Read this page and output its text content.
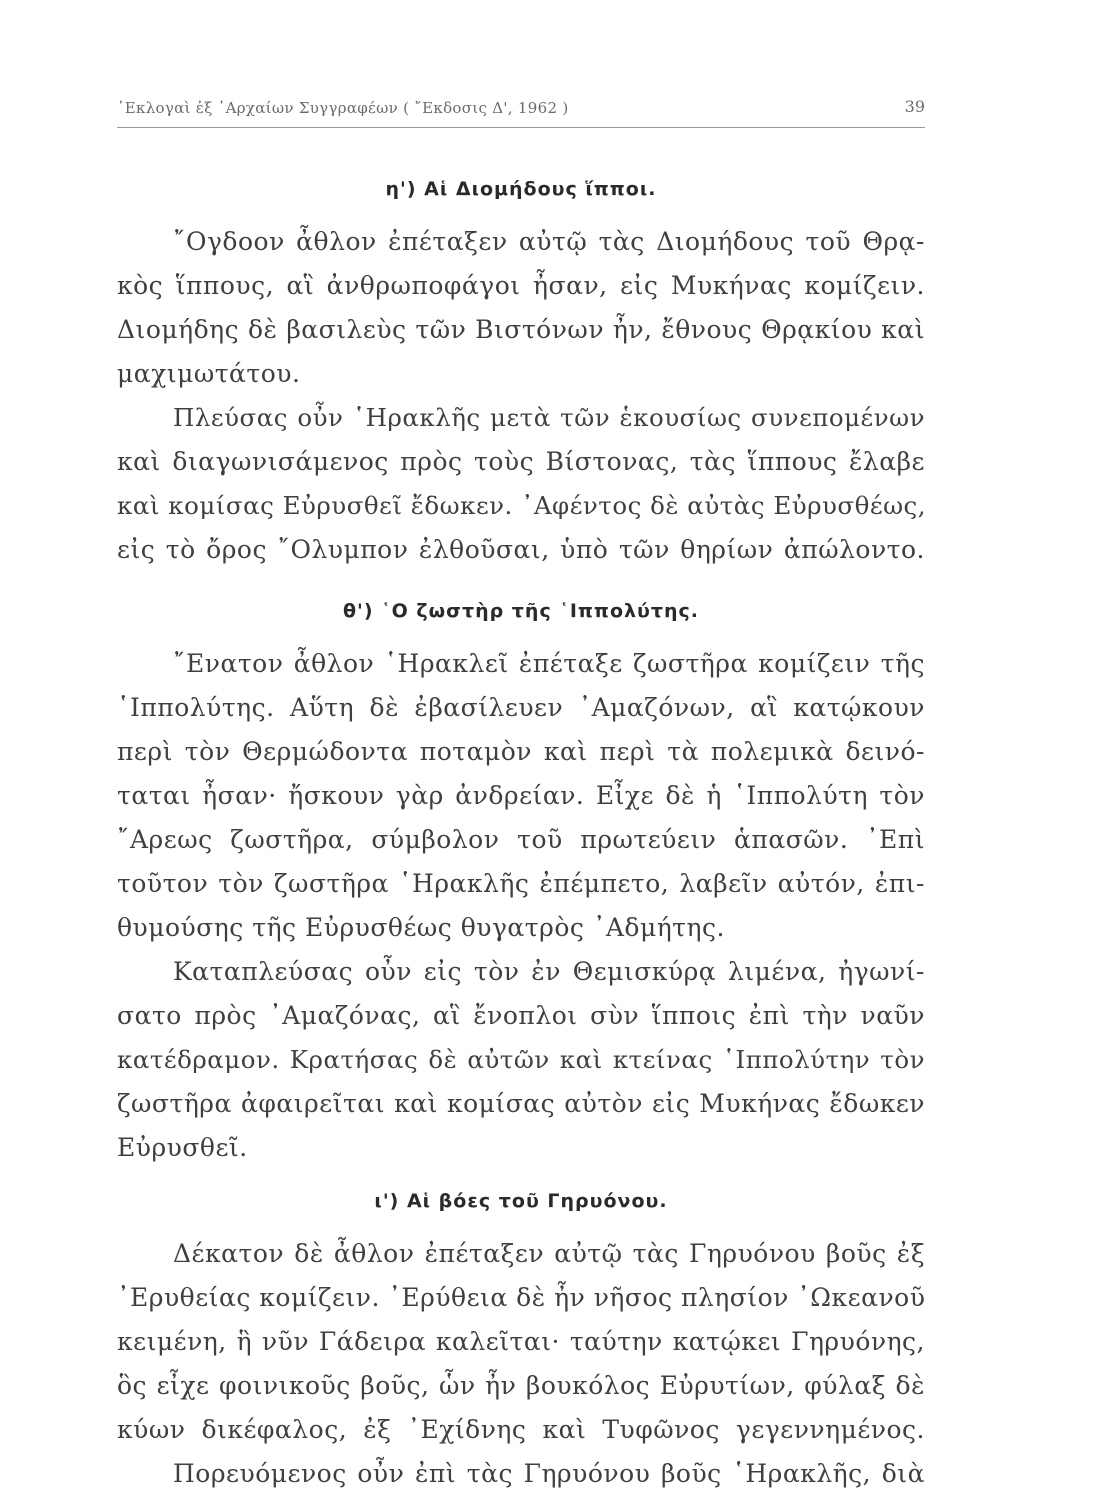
᾿Εκλογαὶ ἐξ ᾿Αρχαίων Συγγραφέων ( ῎Εκδοσις Δ', 1962 )	39
η') Αἱ Διομήδους ἵπποι.

῎Ογδοον ἆθλον ἐπέταξεν αὐτῷ τὰς Διομήδους τοῦ Θρᾳ-
κὸς ἵππους, αἳ ἀνθρωποφάγοι ἦσαν, εἰς Μυκήνας κομίζειν.
Διομήδης δὲ βασιλεὺς τῶν Βιστόνων ἦν, ἔθνους Θρᾳκίου καὶ
μαχιμωτάτου.

Πλεύσας οὖν ῾Ηρακλῆς μετὰ τῶν ἑκουσίως συνεπομένων
καὶ διαγωνισάμενος πρὸς τοὺς Βίστονας, τὰς ἵππους ἔλαβε
καὶ κομίσας Εὐρυσθεῖ ἔδωκεν. ᾿Αφέντος δὲ αὐτὰς Εὐρυσθέως,
εἰς τὸ ὄρος ῎Ολυμπον ἐλθοῦσαι, ὑπὸ τῶν θηρίων ἀπώλοντο.

θ') ῾Ο ζωστὴρ τῆς ῾Ιππολύτης.

῎Ενατον ἆθλον ῾Ηρακλεῖ ἐπέταξε ζωστῆρα κομίζειν τῆς
῾Ιππολύτης. Αὕτη δὲ ἐβασίλευεν ᾿Αμαζόνων, αἳ κατῴκουν
περὶ τὸν Θερμώδοντα ποταμὸν καὶ περὶ τὰ πολεμικὰ δεινό-
ταται ἦσαν· ἤσκουν γὰρ ἀνδρείαν. Εἶχε δὲ ἡ ῾Ιππολύτη τὸν
῎Αρεως ζωστῆρα, σύμβολον τοῦ πρωτεύειν ἁπασῶν. ᾿Επὶ
τοῦτον τὸν ζωστῆρα ῾Ηρακλῆς ἐπέμπετο, λαβεῖν αὐτόν, ἐπι-
θυμούσης τῆς Εὐρυσθέως θυγατρὸς ᾿Αδμήτης.

Καταπλεύσας οὖν εἰς τὸν ἐν Θεμισκύρᾳ λιμένα, ἠγωνί-
σατο πρὸς ᾿Αμαζόνας, αἳ ἔνοπλοι σὺν ἵπποις ἐπὶ τὴν ναῦν
κατέδραμον. Κρατήσας δὲ αὐτῶν καὶ κτείνας ῾Ιππολύτην τὸν
ζωστῆρα ἀφαιρεῖται καὶ κομίσας αὐτὸν εἰς Μυκήνας ἔδωκεν
Εὐρυσθεῖ.

ι') Αἱ βόες τοῦ Γηρυόνου.

Δέκατον δὲ ἆθλον ἐπέταξεν αὐτῷ τὰς Γηρυόνου βοῦς ἐξ
᾿Ερυθείας κομίζειν. ᾿Ερύθεια δὲ ἦν νῆσος πλησίον ᾿Ωκεανοῦ
κειμένη, ἣ νῦν Γάδειρα καλεῖται· ταύτην κατῴκει Γηρυόνης,
ὃς εἶχε φοινικοῦς βοῦς, ὧν ἦν βουκόλος Εὐρυτίων, φύλαξ δὲ
κύων δικέφαλος, ἐξ ᾿Εχίδνης καὶ Τυφῶνος γεγεννημένος.

Πορευόμενος οὖν ἐπὶ τὰς Γηρυόνου βοῦς ῾Ηρακλῆς, διὰ
